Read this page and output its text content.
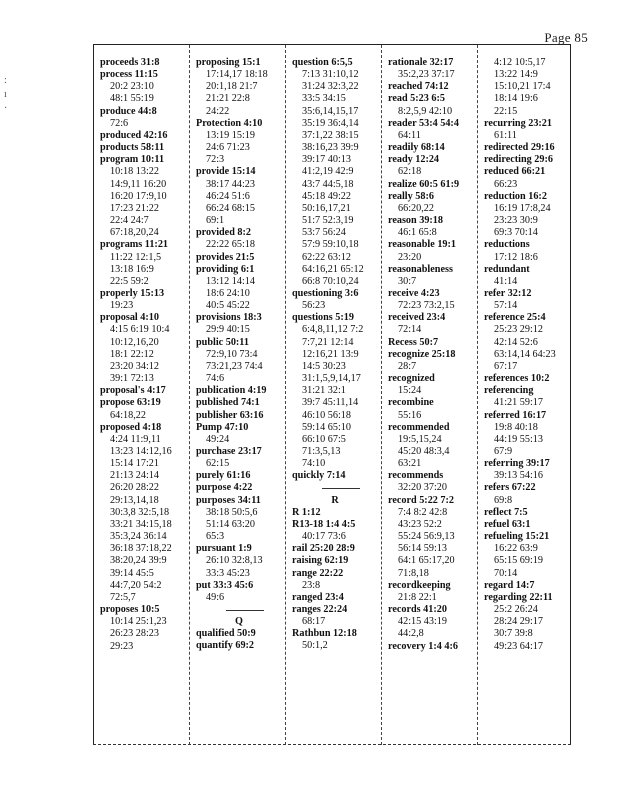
Page 85
:
ı
·
proceeds 31:8
process 11:15
20:2 23:10
48:1 55:19
produce 44:8
72:6
produced 42:16
products 58:11
program 10:11
10:18 13:22
14:9,11 16:20
16:20 17:9,10
17:23 21:22
22:4 24:7
67:18,20,24
programs 11:21
11:22 12:1,5
13:18 16:9
22:5 59:2
properly 15:13
19:23
proposal 4:10
4:15 6:19 10:4
10:12,16,20
18:1 22:12
23:20 34:12
39:1 72:13
proposal's 4:17
propose 63:19
64:18,22
proposed 4:18
4:24 11:9,11
13:23 14:12,16
15:14 17:21
21:13 24:14
26:20 28:22
29:13,14,18
30:3,8 32:5,18
33:21 34:15,18
35:3,24 36:14
36:18 37:18,22
38:20,24 39:9
39:14 45:5
44:7,20 54:2
72:5,7
proposes 10:5
10:14 25:1,23
26:23 28:23
29:23
proposing 15:1
17:14,17 18:18
20:1,18 21:7
21:21 22:8
24:22
Protection 4:10
13:19 15:19
24:6 71:23
72:3
provide 15:14
38:17 44:23
46:24 51:6
66:24 68:15
69:1
provided 8:2
22:22 65:18
provides 21:5
providing 6:1
13:12 14:14
18:6 24:10
40:5 45:22
provisions 18:3
29:9 40:15
public 50:11
72:9,10 73:4
73:21,23 74:4
74:6
publication 4:19
published 74:1
publisher 63:16
Pump 47:10
49:24
purchase 23:17
62:15
purely 61:16
purpose 4:22
purposes 34:11
38:18 50:5,6
51:14 63:20
65:3
pursuant 1:9
26:10 32:8,13
33:3 45:23
put 33:3 45:6
49:6
Q
qualified 50:9
quantify 69:2
question 6:5,5
7:13 31:10,12
31:24 32:3,22
33:5 34:15
35:6,14,15,17
35:19 36:4,14
37:1,22 38:15
38:16,23 39:9
39:17 40:13
41:2,19 42:9
43:7 44:5,18
45:18 49:22
50:16,17,21
51:7 52:3,19
53:7 56:24
57:9 59:10,18
62:22 63:12
64:16,21 65:12
66:8 70:10,24
questioning 3:6
56:23
questions 5:19
6:4,8,11,12 7:2
7:7,21 12:14
12:16,21 13:9
14:5 30:23
31:1,5,9,14,17
31:21 32:1
39:7 45:11,14
46:10 56:18
59:14 65:10
66:10 67:5
71:3,5,13
74:10
quickly 7:14
R
R 1:12
R13-18 1:4 4:5
40:17 73:6
rail 25:20 28:9
raising 62:19
range 22:22
23:8
ranged 23:4
ranges 22:24
68:17
Rathbun 12:18
50:1,2
rationale 32:17
35:2,23 37:17
reached 74:12
read 5:23 6:5
8:2,5,9 42:10
reader 53:4 54:4
64:11
readily 68:14
ready 12:24
62:18
realize 60:5 61:9
really 58:6
66:20,22
reason 39:18
46:1 65:8
reasonable 19:1
23:20
reasonableness
30:7
receive 4:23
72:23 73:2,15
received 23:4
72:14
Recess 50:7
recognize 25:18
28:7
recognized
15:24
recombine
55:16
recommended
19:5,15,24
45:20 48:3,4
63:21
recommends
32:20 37:20
record 5:22 7:2
7:4 8:2 42:8
43:23 52:2
55:24 56:9,13
56:14 59:13
64:1 65:17,20
71:8,18
recordkeeping
21:8 22:1
records 41:20
42:15 43:19
44:2,8
recovery 1:4 4:6
4:12 10:5,17
13:22 14:9
15:10,21 17:4
18:14 19:6
22:15
recurring 23:21
61:11
redirected 29:16
redirecting 29:6
reduced 66:21
66:23
reduction 16:2
16:19 17:8,24
23:23 30:9
69:3 70:14
reductions
17:12 18:6
redundant
41:14
refer 32:12
57:14
reference 25:4
25:23 29:12
42:14 52:6
63:14,14 64:23
67:17
references 10:2
referencing
41:21 59:17
referred 16:17
19:8 40:18
44:19 55:13
67:9
referring 39:17
39:13 54:16
refers 67:22
69:8
reflect 7:5
refuel 63:1
refueling 15:21
16:22 63:9
65:15 69:19
70:14
regard 14:7
regarding 22:11
25:2 26:24
28:24 29:17
30:7 39:8
49:23 64:17
